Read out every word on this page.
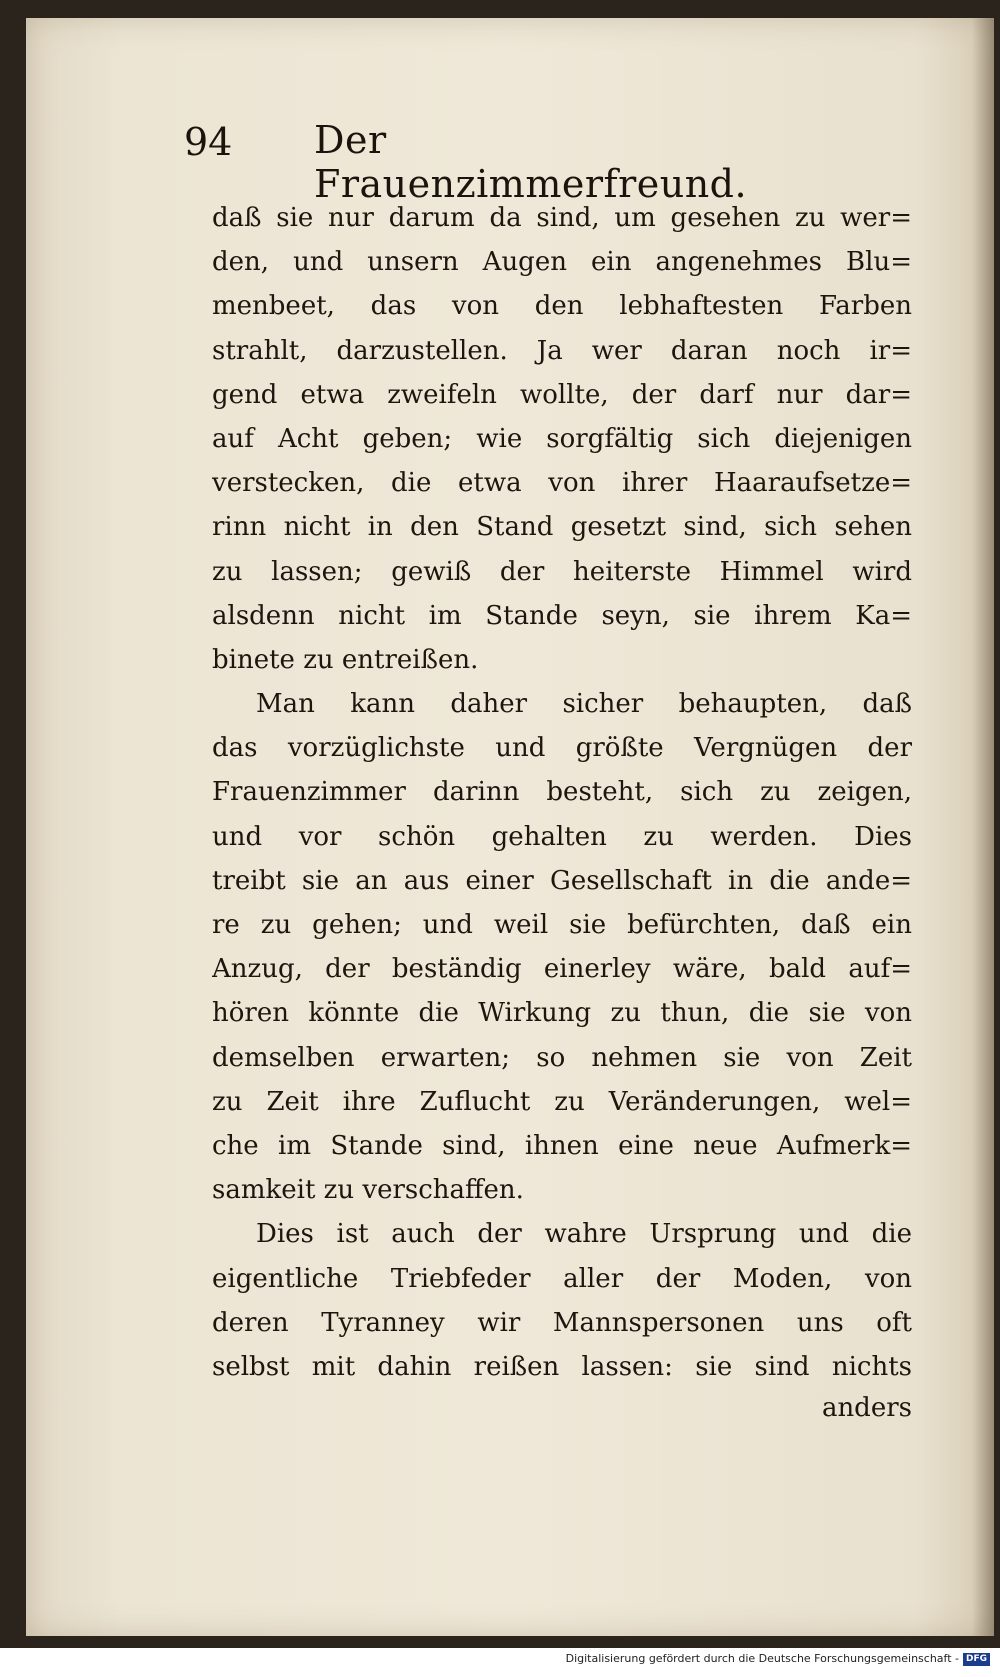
94 Der Frauenzimmerfreund.
daß sie nur darum da sind, um gesehen zu wer=
den, und unsern Augen ein angenehmes Blu=
menbeet, das von den lebhaftesten Farben
strahlt, darzustellen. Ja wer daran noch ir=
gend etwa zweifeln wollte, der darf nur dar=
auf Acht geben; wie sorgfältig sich diejenigen
verstecken, die etwa von ihrer Haaraufsetze=
rinn nicht in den Stand gesetzt sind, sich sehen
zu lassen; gewiß der heiterste Himmel wird
alsdenn nicht im Stande seyn, sie ihrem Ka=
binete zu entreißen.
Man kann daher sicher behaupten, daß
das vorzüglichste und größte Vergnügen der
Frauenzimmer darinn besteht, sich zu zeigen,
und vor schön gehalten zu werden. Dies
treibt sie an aus einer Gesellschaft in die ande=
re zu gehen; und weil sie befürchten, daß ein
Anzug, der beständig einerley wäre, bald auf=
hören könnte die Wirkung zu thun, die sie von
demselben erwarten; so nehmen sie von Zeit
zu Zeit ihre Zuflucht zu Veränderungen, wel=
che im Stande sind, ihnen eine neue Aufmerk=
samkeit zu verschaffen.
Dies ist auch der wahre Ursprung und die
eigentliche Triebfeder aller der Moden, von
deren Tyranney wir Mannspersonen uns oft
selbst mit dahin reißen lassen: sie sind nichts
anders
Digitalisierung gefördert durch die Deutsche Forschungsgemeinschaft - DFG
